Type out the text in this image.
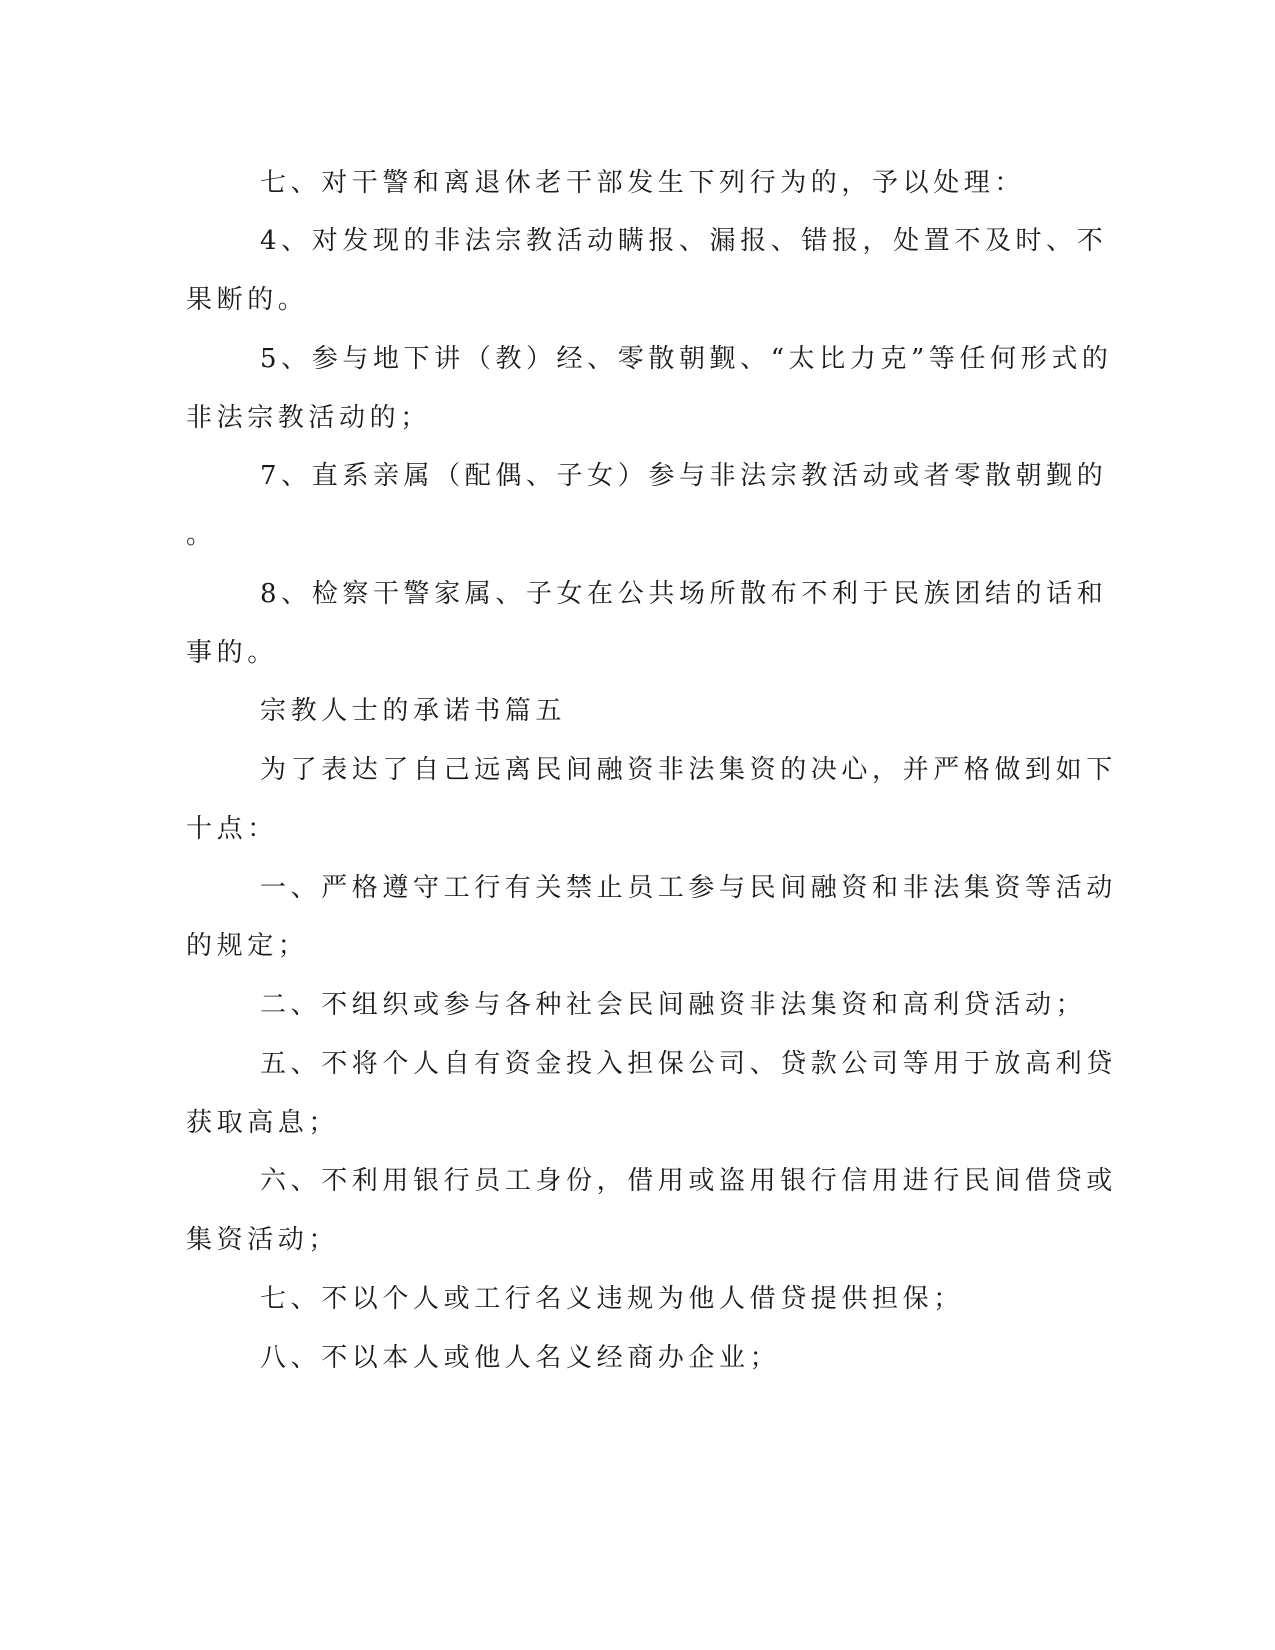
七、对干警和离退休老干部发生下列行为的，予以处理：
4、对发现的非法宗教活动瞒报、漏报、错报，处置不及时、不
果断的。
5、参与地下讲（教）经、零散朝觐、“太比力克”等任何形式的
非法宗教活动的；
7、直系亲属（配偶、子女）参与非法宗教活动或者零散朝觐的
。
8、检察干警家属、子女在公共场所散布不利于民族团结的话和
事的。
宗教人士的承诺书篇五
为了表达了自己远离民间融资非法集资的决心，并严格做到如下
十点：
一、严格遵守工行有关禁止员工参与民间融资和非法集资等活动
的规定；
二、不组织或参与各种社会民间融资非法集资和高利贷活动；
五、不将个人自有资金投入担保公司、贷款公司等用于放高利贷
获取高息；
六、不利用银行员工身份，借用或盗用银行信用进行民间借贷或
集资活动；
七、不以个人或工行名义违规为他人借贷提供担保；
八、不以本人或他人名义经商办企业；
